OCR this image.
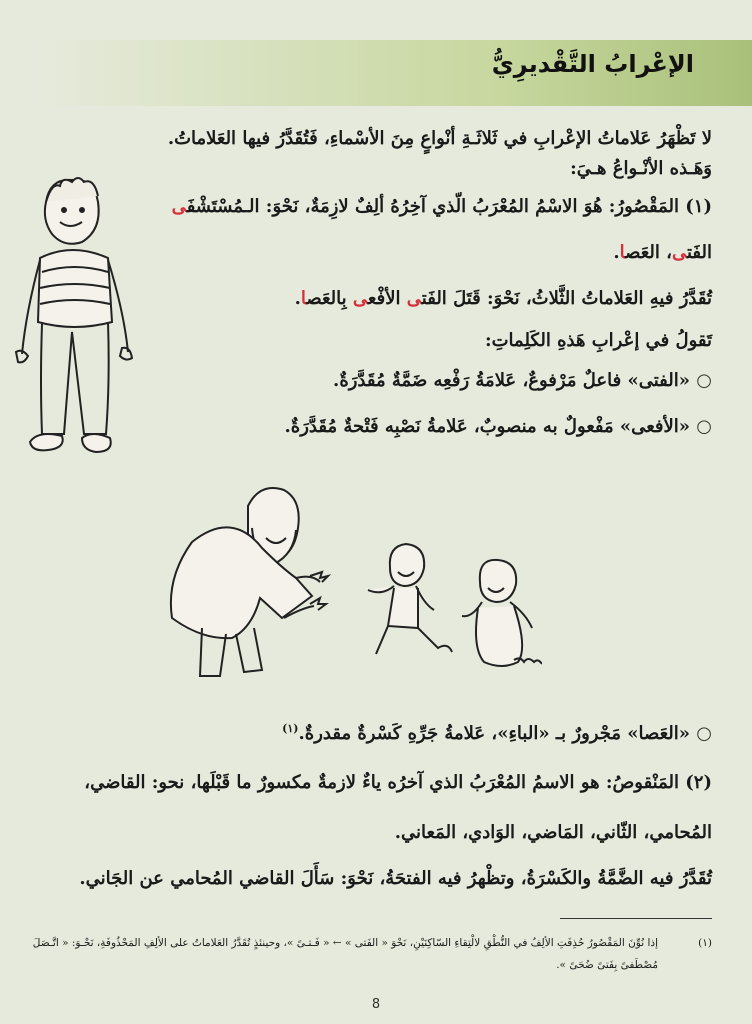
الإعْرابُ التَّقْديرِيُّ
لا تَظْهَرُ عَلاماتُ الإعْرابِ في ثَلاثَـةِ أنْواعٍ مِنَ الأسْماءِ، فَتُقَدَّرُ فيها العَلاماتُ.
وَهَـذه الأنْـواعُ هـيَ:
(١) المَقْصُورُ: هُوَ الاسْمُ المُعْرَبُ الّذي آخِرُهُ ألِفٌ لازِمَةٌ، نَحْوَ: الـمُسْتَشْفَى
الفَتى، العَصا.
تُقَدَّرُ فيهِ العَلاماتُ الثَّلاثُ، نَحْوَ: قَتَلَ الفَتى الأفْعى بِالعَصا.
تَقولُ في إعْرابِ هَذهِ الكَلِماتِ:
○ «الفتى» فاعلٌ مَرْفوعٌ، عَلامَةُ رَفْعِه ضَمَّةٌ مُقَدَّرَةٌ.
○ «الأفعى» مَفْعولٌ به منصوبٌ، عَلامةُ نَصْبِه فَتْحةٌ مُقَدَّرَةٌ.
○ «العَصا» مَجْرورٌ بـ «الباءِ»، عَلامةُ جَرِّهِ كَسْرةٌ مقدرةٌ.$^{(١)}$
(٢) المَنْقوصُ: هو الاسمُ المُعْرَبُ الذي آخرُه ياءٌ لازمةٌ مكسورٌ ما قَبْلَها، نحو: القاضي،
المُحامي، الثّاني، المَاضي، الوَادي، المَعاني.
تُقَدَّرُ فيه الضَّمَّةُ والكَسْرَةُ، وتظْهرُ فيه الفتحَةُ، نَحْوَ: سَأَلَ القاضي المُحامي عن الجَاني.
(١)
إذا نُوِّنَ المَقْصُورُ حُذِفَتِ الألِفُ في النُّطْقِ لالْتِقاءِ السّاكِنَيْنِ، نَحْوَ « الفَتى » ← « فَـتـىً »، وحينئذٍ تُقَدَّرُ العَلاماتُ على الألِفِ المَحْذُوفَةِ، نَحْـوَ: « اتَّـصَلَ
مُصْطَفىً بِفَتىً ضُحَىً ».
8
